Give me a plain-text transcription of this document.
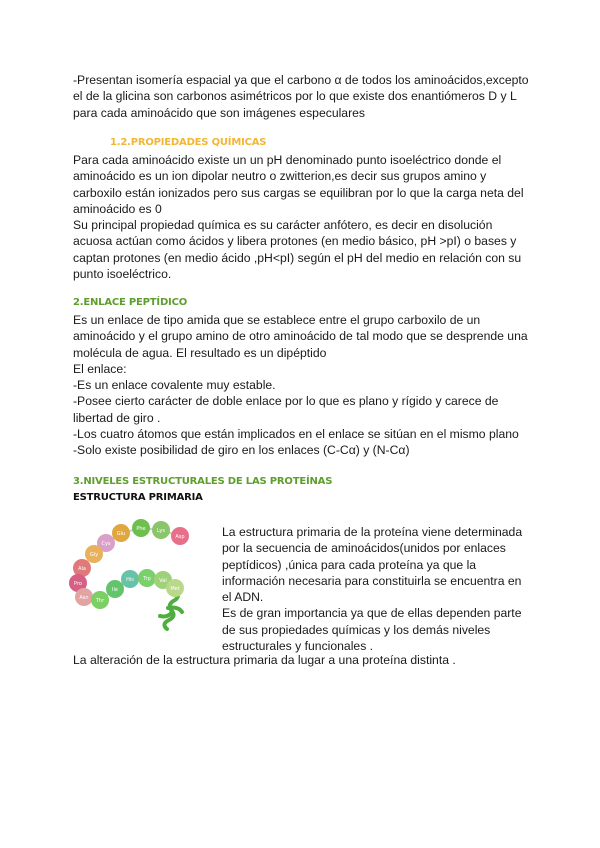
-Presentan isomería espacial ya que el carbono α de todos los aminoácidos,excepto
el de la glicina son carbonos asimétricos por lo que existe dos enantiómeros D y L
para cada aminoácido que son imágenes especulares
1.2.PROPIEDADES QUÍMICAS
Para cada aminoácido existe un un pH denominado punto isoeléctrico donde el
aminoácido es un ion dipolar neutro o zwitterion,es decir sus grupos amino y
carboxilo están ionizados pero sus cargas se equilibran por lo que la carga neta del
aminoácido es 0
Su principal propiedad química es su carácter anfótero, es decir en disolución
acuosa actúan como ácidos y libera protones (en medio básico, pH >pI) o bases y
captan protones (en medio ácido ,pH<pI) según el pH del medio en relación con su
punto isoeléctrico.
2.ENLACE PEPTÍDICO
Es un enlace de tipo amida que se establece entre el grupo carboxilo de un
aminoácido y el grupo amino de otro aminoácido de tal modo que se desprende una
molécula de agua. El resultado es un dipéptido
El enlace:
-Es un enlace covalente muy estable.
-Posee cierto carácter de doble enlace por lo que es plano y rígido y carece de
libertad de giro .
-Los cuatro átomos que están implicados en el enlace se sitúan en el mismo plano
-Solo existe posibilidad de giro en los enlaces (C-Cα) y (N-Cα)
3.NIVELES ESTRUCTURALES DE LAS PROTEÍNAS
ESTRUCTURA PRIMARIA
Asp
Lys
Phe
Glu
Cys
Gly
Ala
Pro
Asn Thr
Ile
His Trp Val
Met
La estructura primaria de la proteína viene determinada
por la secuencia de aminoácidos(unidos por enlaces
peptídicos) ,única para cada proteína ya que la
información necesaria para constituirla se encuentra en
el ADN.
Es de gran importancia ya que de ellas dependen parte
de sus propiedades químicas y los demás niveles
estructurales y funcionales .
La alteración de la estructura primaria da lugar a una proteína distinta .
